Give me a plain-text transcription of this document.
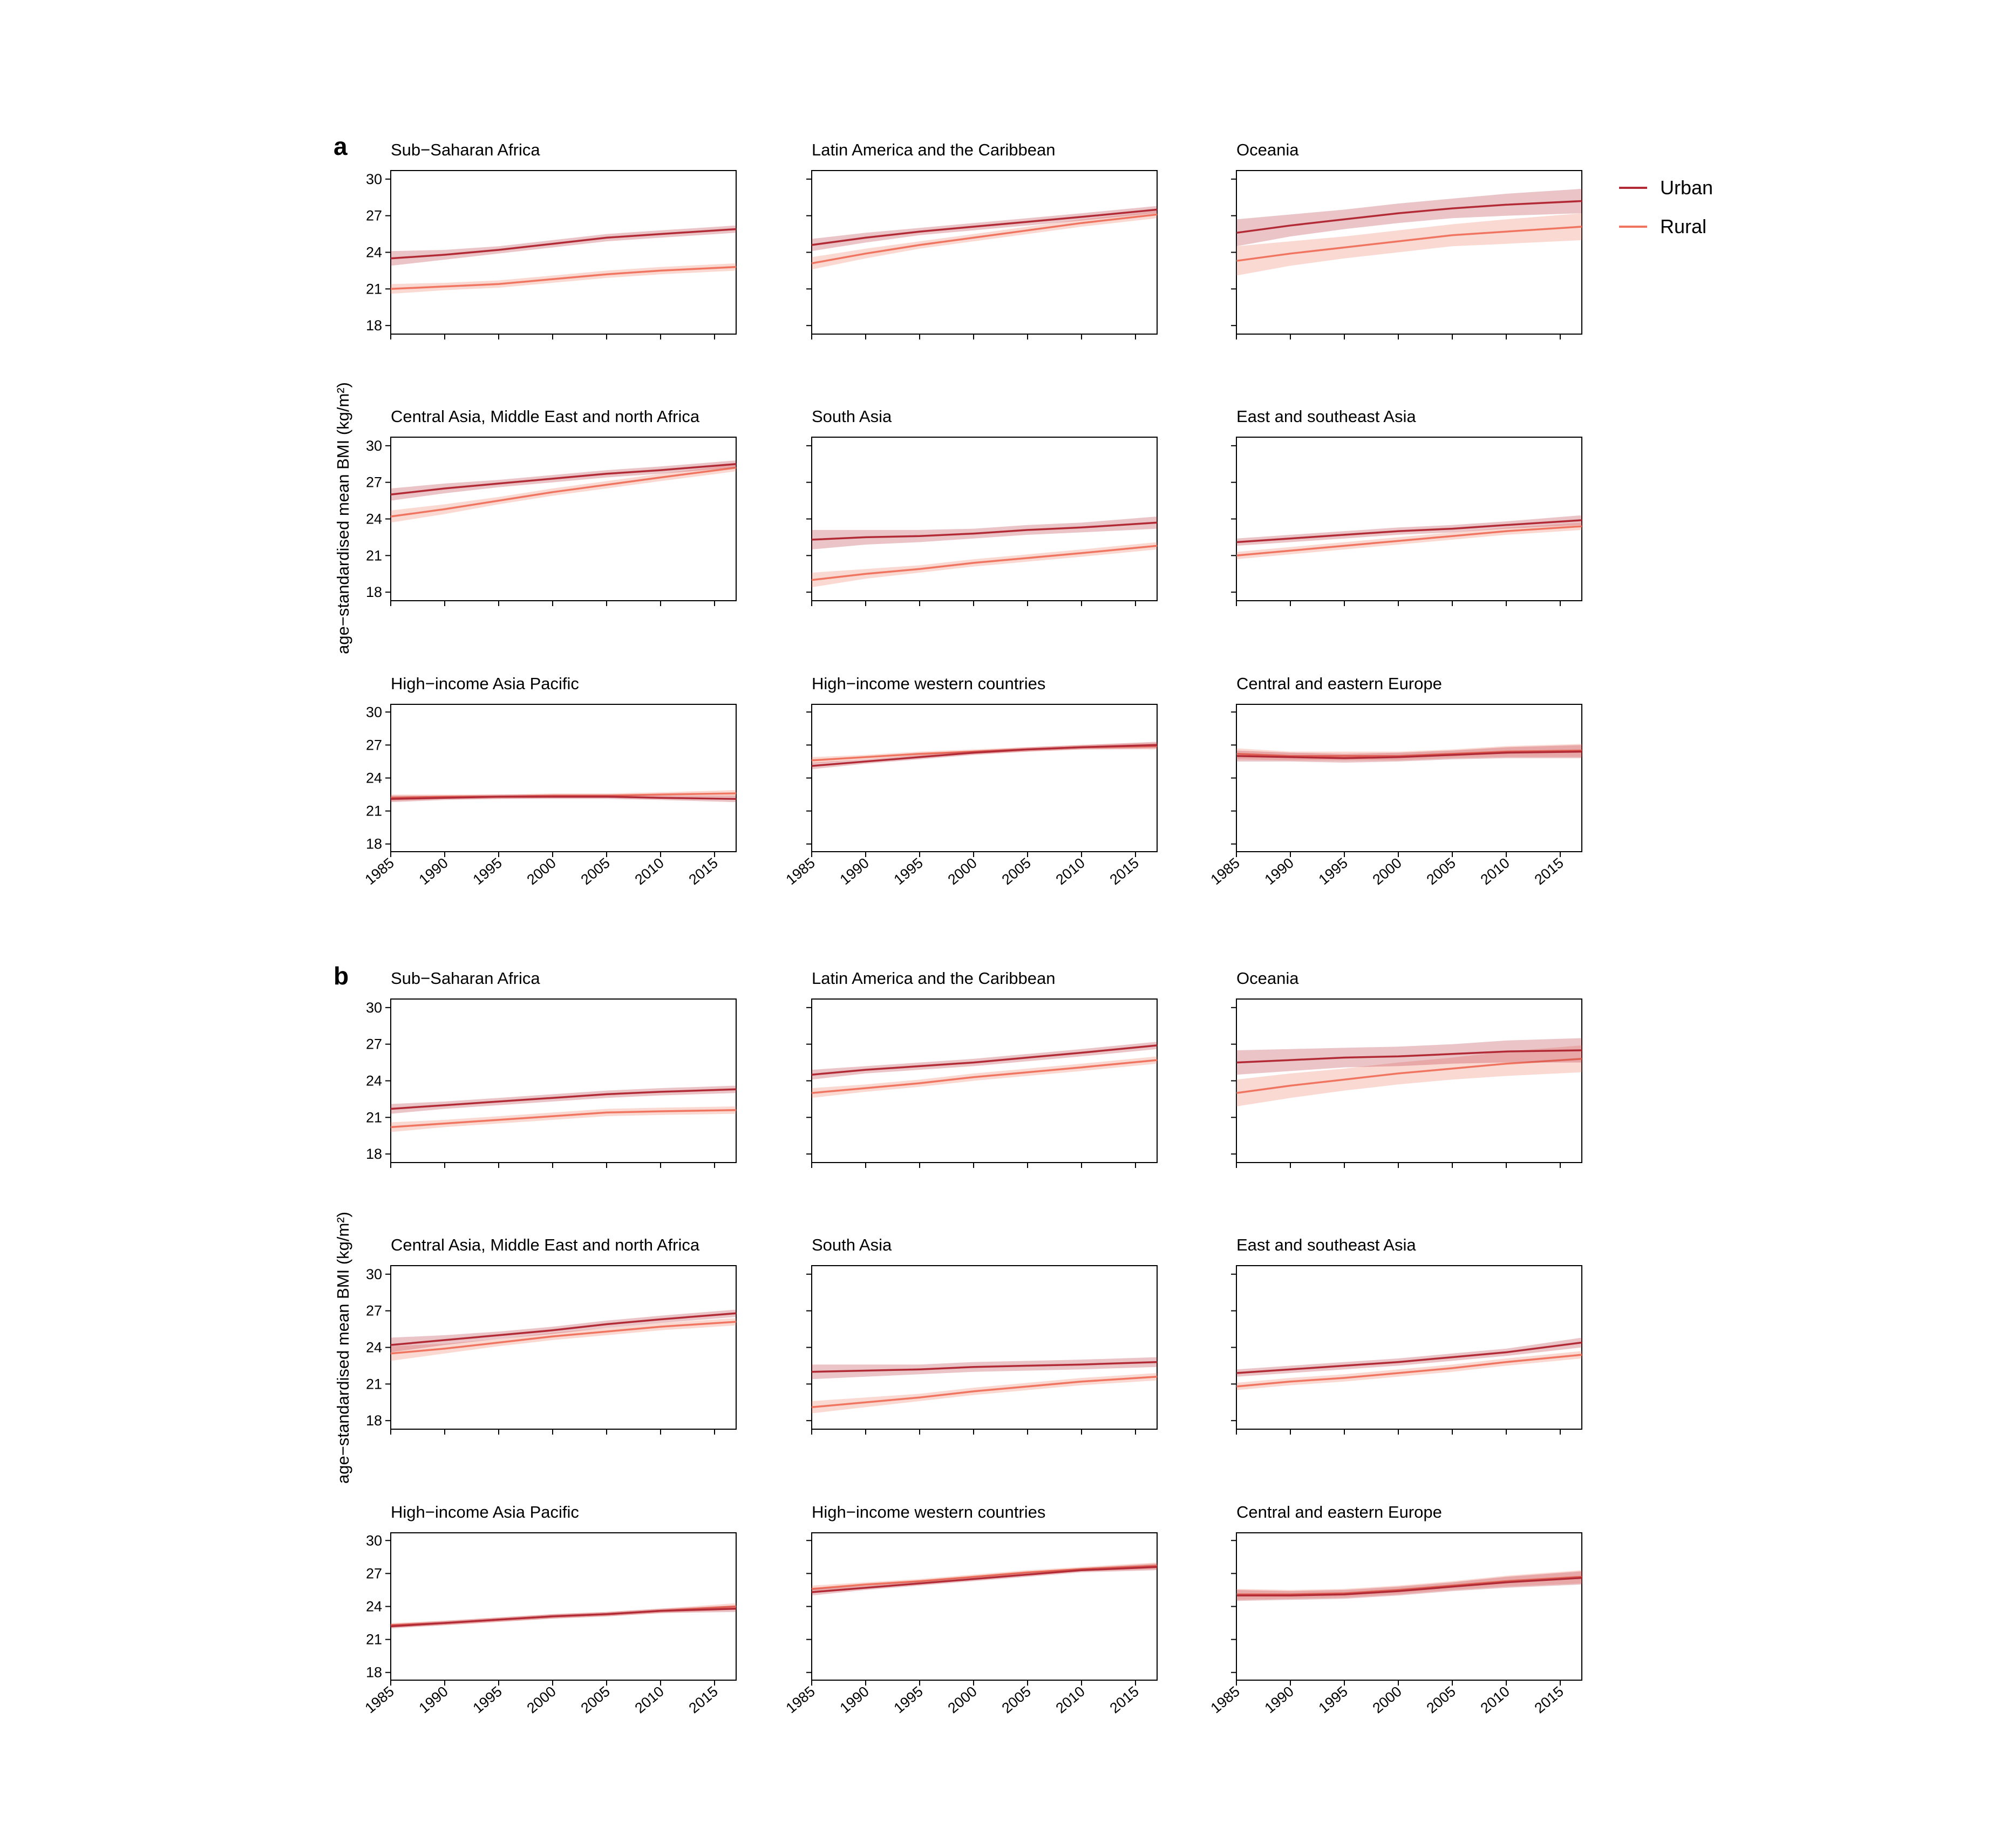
Urban
Rural
a
age−standardised mean BMI (kg/m²)
Sub−Saharan Africa
18
21
24
27
30
Latin America and the Caribbean	Oceania
Central Asia, Middle East and north Africa
18
21
24
27
30
South Asia	East and southeast Asia
High−income Asia Pacific
18
21
24
27
30
1985 1990 1995 2000 2005 2010 2015
High−income western countries
1985 1990 1995 2000 2005 2010 2015
Central and eastern Europe
1985 1990 1995 2000 2005 2010 2015
b
age−standardised mean BMI (kg/m²)
Sub−Saharan Africa
18
21
24
27
30
Latin America and the Caribbean	Oceania
Central Asia, Middle East and north Africa
18
21
24
27
30
South Asia	East and southeast Asia
High−income Asia Pacific
18
21
24
27
30
1985 1990 1995 2000 2005 2010 2015
High−income western countries
1985 1990 1995 2000 2005 2010 2015
Central and eastern Europe
1985 1990 1995 2000 2005 2010 2015
